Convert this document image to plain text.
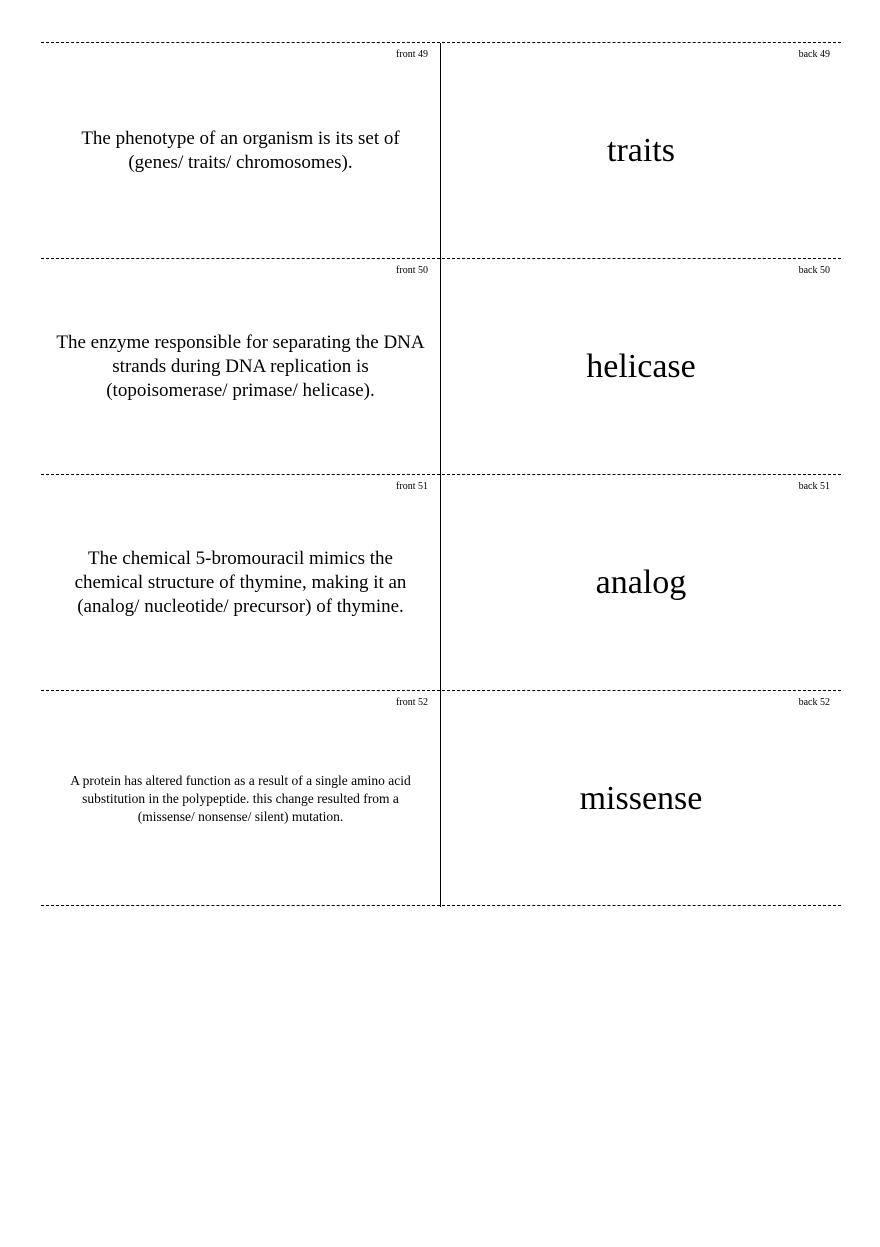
front 49
The phenotype of an organism is its set of (genes/ traits/ chromosomes).
back 49
traits
front 50
The enzyme responsible for separating the DNA strands during DNA replication is (topoisomerase/ primase/ helicase).
back 50
helicase
front 51
The chemical 5-bromouracil mimics the chemical structure of thymine, making it an (analog/ nucleotide/ precursor) of thymine.
back 51
analog
front 52
A protein has altered function as a result of a single amino acid substitution in the polypeptide. this change resulted from a (missense/ nonsense/ silent) mutation.
back 52
missense
